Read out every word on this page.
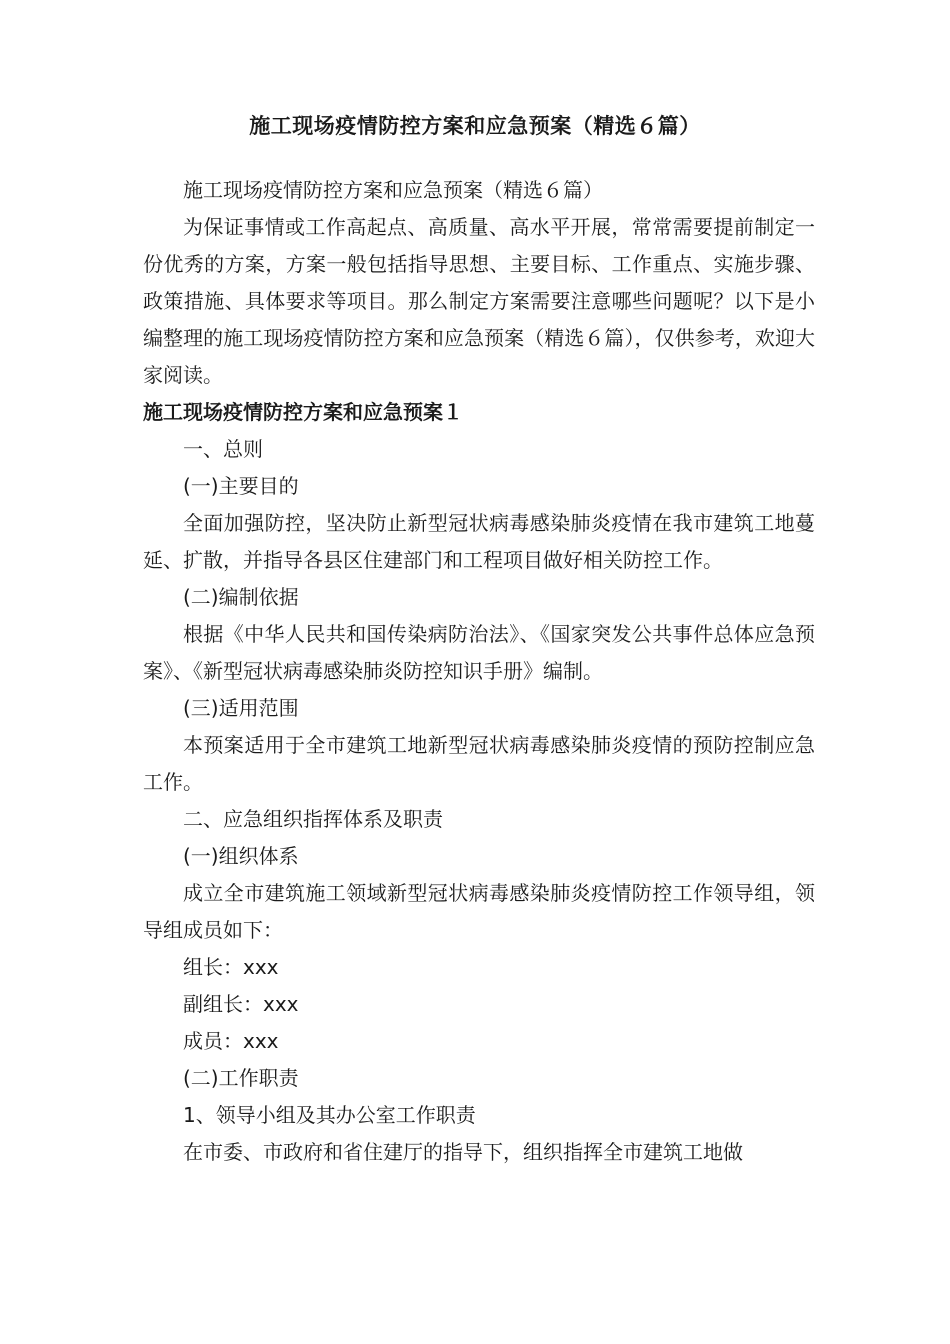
施工现场疫情防控方案和应急预案（精选６篇）

施工现场疫情防控方案和应急预案（精选６篇）

为保证事情或工作高起点、高质量、高水平开展，常常需要提前制定一份优秀的方案，方案一般包括指导思想、主要目标、工作重点、实施步骤、政策措施、具体要求等项目。那么制定方案需要注意哪些问题呢？以下是小编整理的施工现场疫情防控方案和应急预案（精选６篇），仅供参考，欢迎大家阅读。

施工现场疫情防控方案和应急预案１

一、总则

(一)主要目的

全面加强防控，坚决防止新型冠状病毒感染肺炎疫情在我市建筑工地蔓延、扩散，并指导各县区住建部门和工程项目做好相关防控工作。

(二)编制依据

根据《中华人民共和国传染病防治法》、《国家突发公共事件总体应急预案》、《新型冠状病毒感染肺炎防控知识手册》编制。

(三)适用范围

本预案适用于全市建筑工地新型冠状病毒感染肺炎疫情的预防控制应急工作。

二、应急组织指挥体系及职责

(一)组织体系

成立全市建筑施工领域新型冠状病毒感染肺炎疫情防控工作领导组，领导组成员如下：

组长：xxx

副组长：xxx

成员：xxx

(二)工作职责

1、领导小组及其办公室工作职责

在市委、市政府和省住建厅的指导下，组织指挥全市建筑工地做
